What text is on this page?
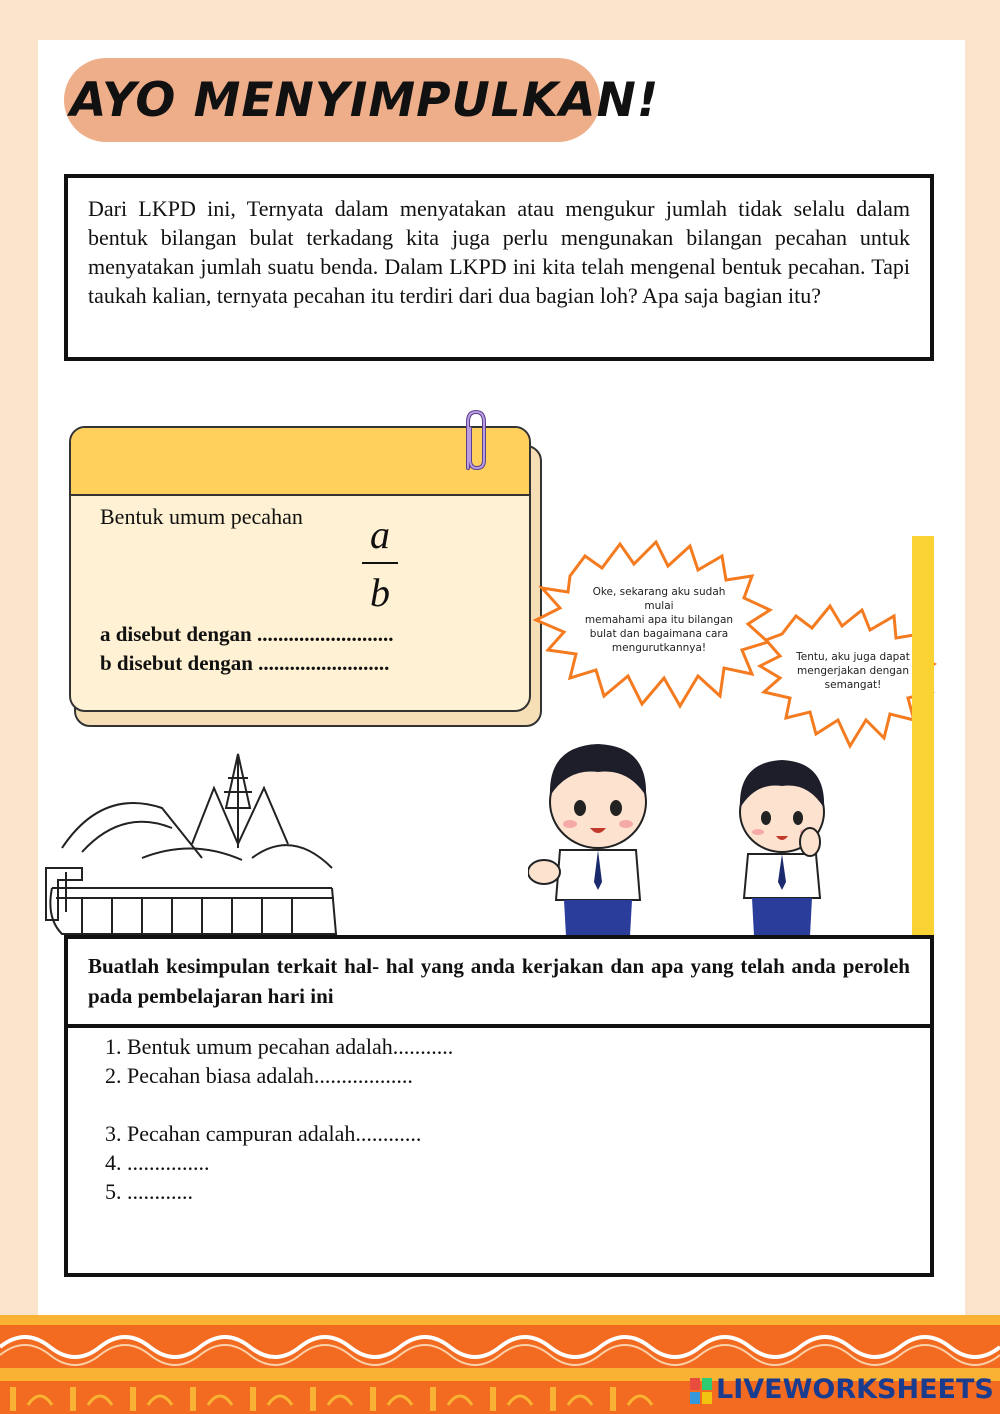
AYO MENYIMPULKAN!

Dari LKPD ini, Ternyata dalam menyatakan atau mengukur jumlah tidak selalu dalam bentuk bilangan bulat terkadang kita juga perlu mengunakan bilangan pecahan untuk menyatakan jumlah suatu benda. Dalam LKPD ini kita telah mengenal bentuk pecahan. Tapi taukah kalian, ternyata pecahan itu terdiri dari dua bagian loh? Apa saja bagian itu?

Bentuk umum pecahan	a
b
a disebut dengan ..........................
b disebut dengan .........................
Oke, sekarang aku sudah
mulai
memahami apa itu bilangan
bulat dan bagaimana cara
mengurutkannya!
Tentu, aku juga dapat
mengerjakan dengan
semangat!

Buatlah kesimpulan terkait hal- hal yang anda kerjakan dan apa yang telah anda peroleh pada pembelajaran hari ini

1. Bentuk umum pecahan adalah...........
2. Pecahan biasa adalah..................
3. Pecahan campuran adalah............
4. ...............
5. ............
LIVEWORKSHEETS
